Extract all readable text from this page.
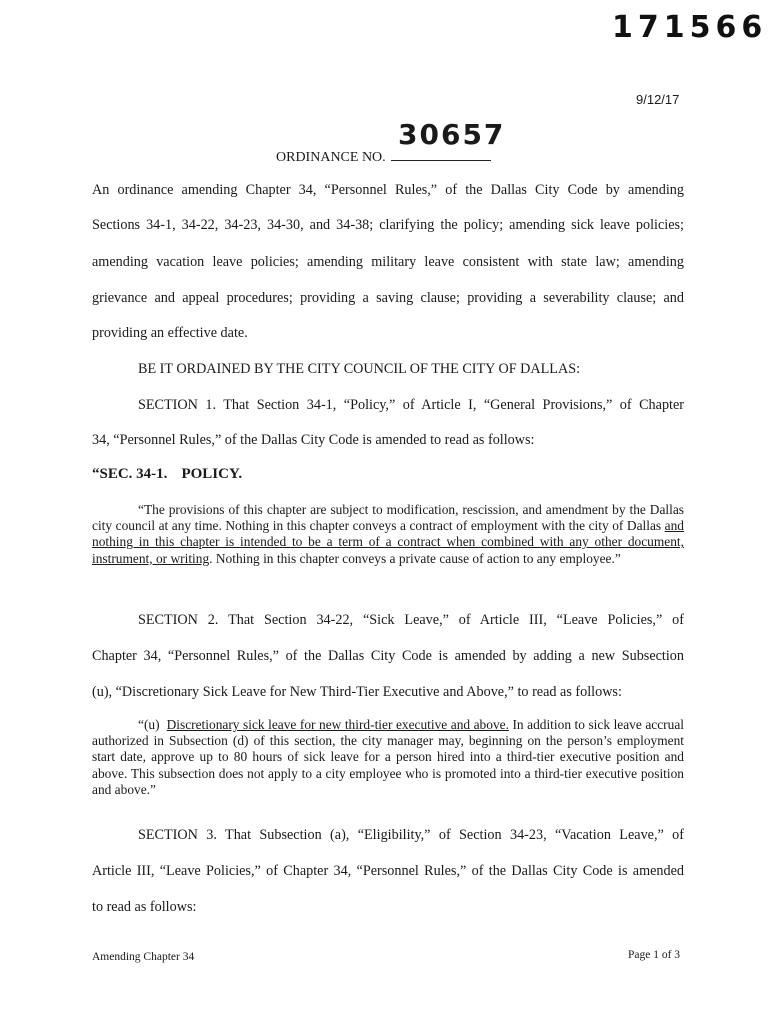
171566
9/12/17
30657
ORDINANCE NO.
An ordinance amending Chapter 34, “Personnel Rules,” of the Dallas City Code by amending
Sections 34-1, 34-22, 34-23, 34-30, and 34-38; clarifying the policy; amending sick leave policies;
amending vacation leave policies; amending military leave consistent with state law; amending
grievance and appeal procedures; providing a saving clause; providing a severability clause; and
providing an effective date.
BE IT ORDAINED BY THE CITY COUNCIL OF THE CITY OF DALLAS:
SECTION 1. That Section 34-1, “Policy,” of Article I, “General Provisions,” of Chapter
34, “Personnel Rules,” of the Dallas City Code is amended to read as follows:
“SEC. 34-1. POLICY.
“The provisions of this chapter are subject to modification, rescission, and amendment by the Dallas city council at any time. Nothing in this chapter conveys a contract of employment with the city of Dallas and nothing in this chapter is intended to be a term of a contract when combined with any other document, instrument, or writing. Nothing in this chapter conveys a private cause of action to any employee.”
SECTION 2. That Section 34-22, “Sick Leave,” of Article III, “Leave Policies,” of
Chapter 34, “Personnel Rules,” of the Dallas City Code is amended by adding a new Subsection
(u), “Discretionary Sick Leave for New Third-Tier Executive and Above,” to read as follows:
“(u) Discretionary sick leave for new third-tier executive and above. In addition to sick leave accrual authorized in Subsection (d) of this section, the city manager may, beginning on the person’s employment start date, approve up to 80 hours of sick leave for a person hired into a third-tier executive position and above. This subsection does not apply to a city employee who is promoted into a third-tier executive position and above.”
SECTION 3. That Subsection (a), “Eligibility,” of Section 34-23, “Vacation Leave,” of
Article III, “Leave Policies,” of Chapter 34, “Personnel Rules,” of the Dallas City Code is amended
to read as follows:
Amending Chapter 34	Page 1 of 3
